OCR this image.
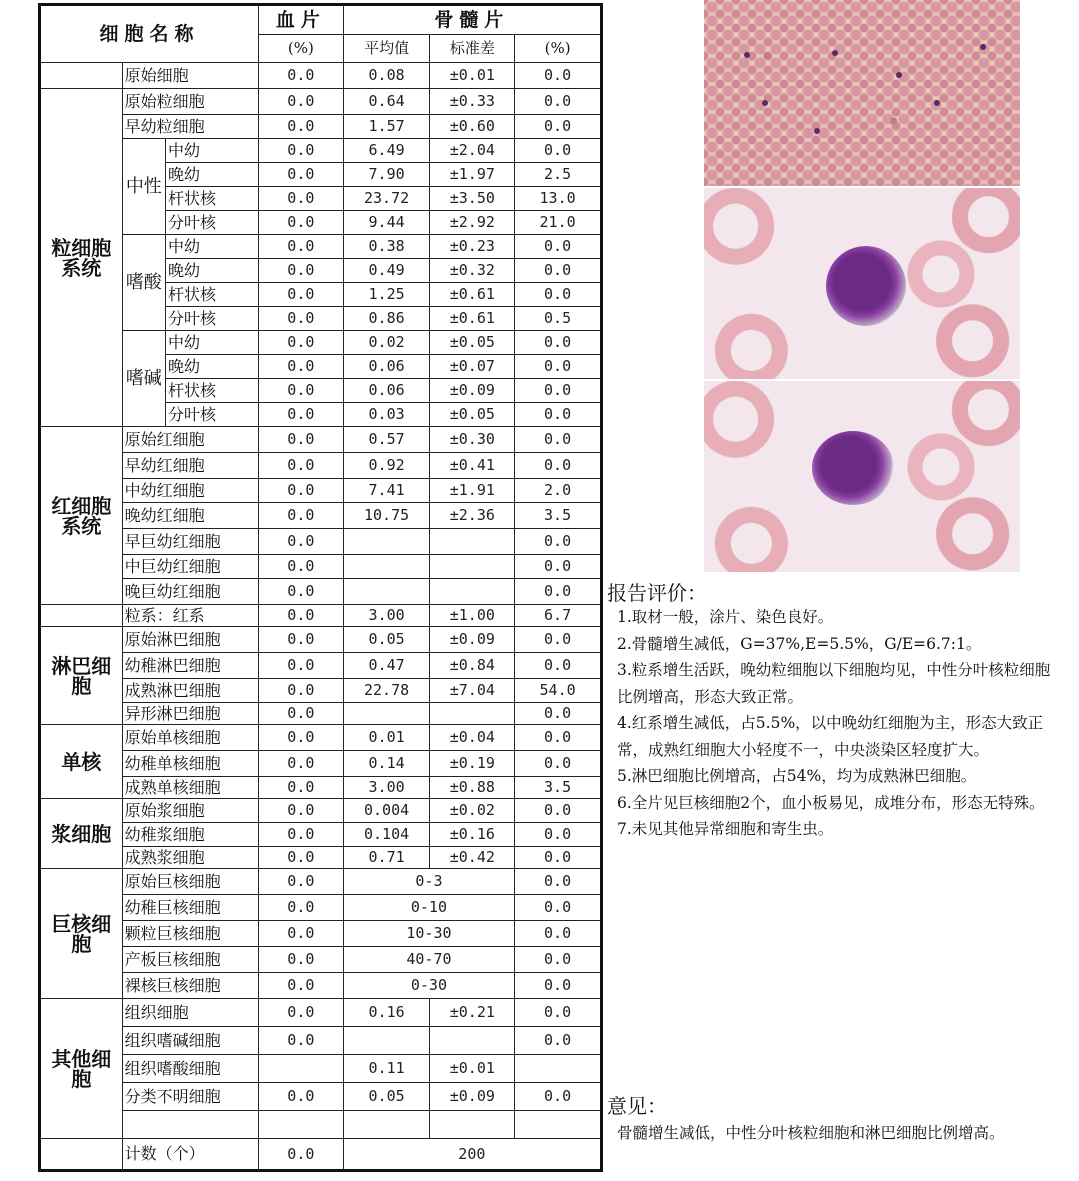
细胞名称			血片	骨髓片		
			(%)	平均值	标准差	(%)
	原始细胞		0.0	0.08	±0.01	0.0
粒细胞系统	原始粒细胞		0.0	0.64	±0.33	0.0
	早幼粒细胞		0.0	1.57	±0.60	0.0
	中性	中幼	0.0	6.49	±2.04	0.0
		晚幼	0.0	7.90	±1.97	2.5
		杆状核	0.0	23.72	±3.50	13.0
		分叶核	0.0	9.44	±2.92	21.0
	嗜酸	中幼	0.0	0.38	±0.23	0.0
		晚幼	0.0	0.49	±0.32	0.0
		杆状核	0.0	1.25	±0.61	0.0
		分叶核	0.0	0.86	±0.61	0.5
	嗜碱	中幼	0.0	0.02	±0.05	0.0
		晚幼	0.0	0.06	±0.07	0.0
		杆状核	0.0	0.06	±0.09	0.0
		分叶核	0.0	0.03	±0.05	0.0
红细胞系统	原始红细胞		0.0	0.57	±0.30	0.0
	早幼红细胞		0.0	0.92	±0.41	0.0
	中幼红细胞		0.0	7.41	±1.91	2.0
	晚幼红细胞		0.0	10.75	±2.36	3.5
	早巨幼红细胞		0.0			0.0
	中巨幼红细胞		0.0			0.0
	晚巨幼红细胞		0.0			0.0
	粒系：红系		0.0	3.00	±1.00	6.7
淋巴细胞	原始淋巴细胞		0.0	0.05	±0.09	0.0
	幼稚淋巴细胞		0.0	0.47	±0.84	0.0
	成熟淋巴细胞		0.0	22.78	±7.04	54.0
	异形淋巴细胞		0.0			0.0
单核	原始单核细胞		0.0	0.01	±0.04	0.0
	幼稚单核细胞		0.0	0.14	±0.19	0.0
	成熟单核细胞		0.0	3.00	±0.88	3.5
浆细胞	原始浆细胞		0.0	0.004	±0.02	0.0
	幼稚浆细胞		0.0	0.104	±0.16	0.0
	成熟浆细胞		0.0	0.71	±0.42	0.0
巨核细胞	原始巨核细胞		0.0	0-3		0.0
	幼稚巨核细胞		0.0	0-10		0.0
	颗粒巨核细胞		0.0	10-30		0.0
	产板巨核细胞		0.0	40-70		0.0
	裸核巨核细胞		0.0	0-30		0.0
其他细胞	组织细胞		0.0	0.16	±0.21	0.0
	组织嗜碱细胞		0.0			0.0
	组织嗜酸细胞			0.11	±0.01	
	分类不明细胞		0.0	0.05	±0.09	0.0

	计数（个）		0.0	200		
报告评价：
1.取材一般，涂片、染色良好。
2.骨髓增生减低，G=37%,E=5.5%，G/E=6.7:1。
3.粒系增生活跃，晚幼粒细胞以下细胞均见，中性分叶核粒细胞比例增高，形态大致正常。
4.红系增生减低，占5.5%，以中晚幼红细胞为主，形态大致正常，成熟红细胞大小轻度不一，中央淡染区轻度扩大。
5.淋巴细胞比例增高，占54%，均为成熟淋巴细胞。
6.全片见巨核细胞2个，血小板易见，成堆分布，形态无特殊。
7.未见其他异常细胞和寄生虫。
意见：
骨髓增生减低，中性分叶核粒细胞和淋巴细胞比例增高。
